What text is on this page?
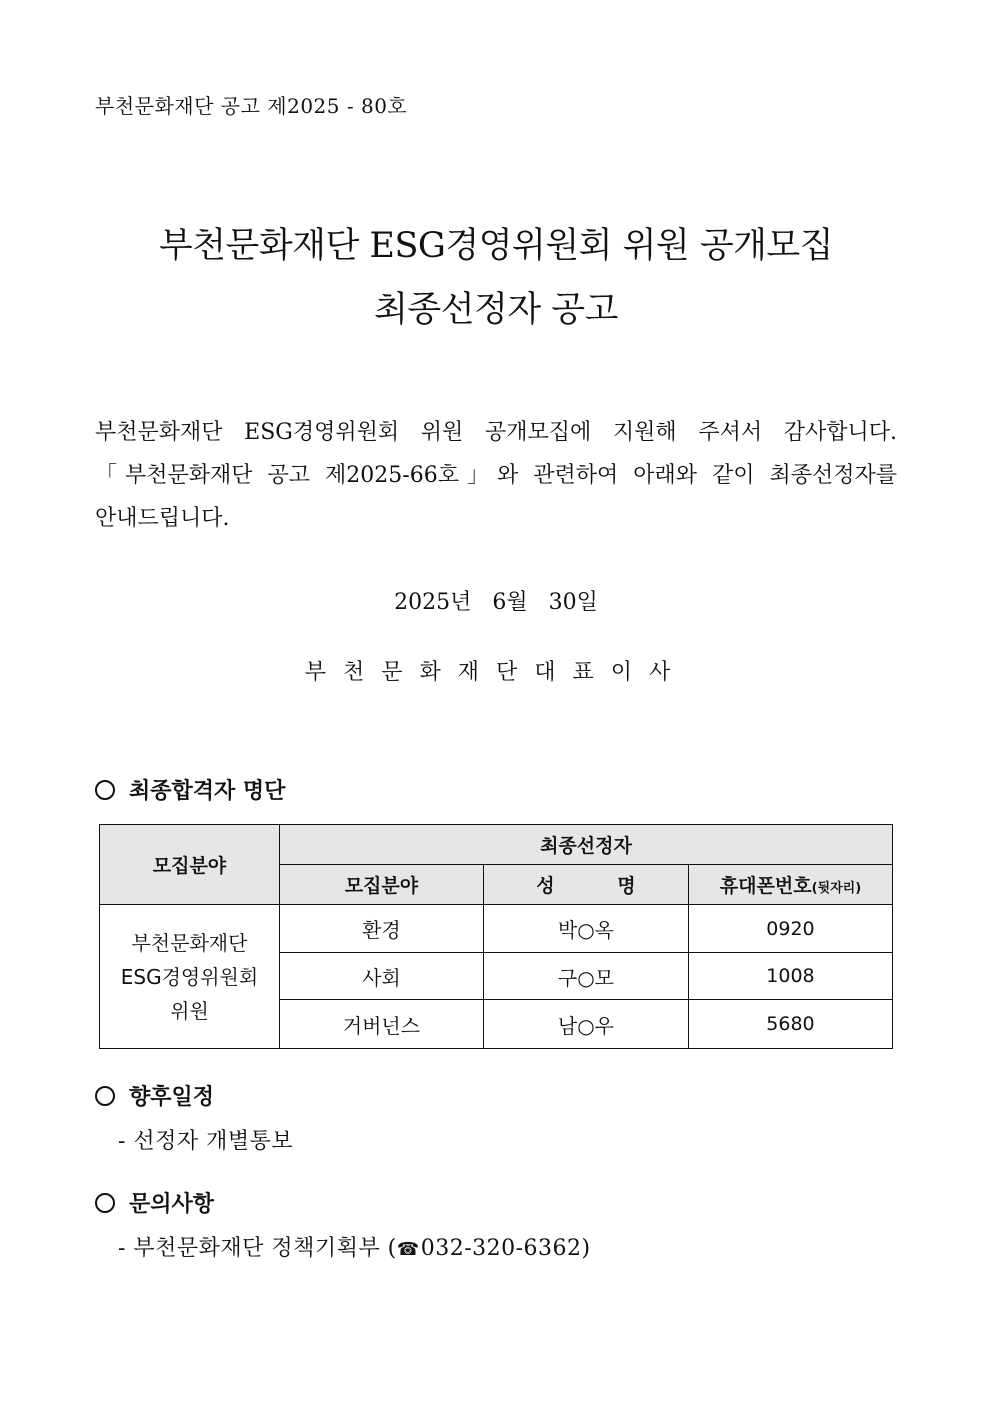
부천문화재단 공고 제2025 - 80호
부천문화재단 ESG경영위원회 위원 공개모집
최종선정자 공고
부천문화재단 ESG경영위원회 위원 공개모집에 지원해 주셔서 감사합니다.
「부천문화재단 공고 제2025-66호」와 관련하여 아래와 같이 최종선정자를
안내드립니다.
2025년   6월   30일
부천문화재단대표이사
최종합격자 명단
모집분야	최종선정자		
	모집분야	성 명	휴대폰번호(뒷자리)

부천문화재단
ESG경영위원회
위원	환경	박○옥	0920
	사회	구○모	1008
	거버넌스	남○우	5680
향후일정
- 선정자 개별통보
문의사항
- 부천문화재단 정책기획부 (☎032-320-6362)
